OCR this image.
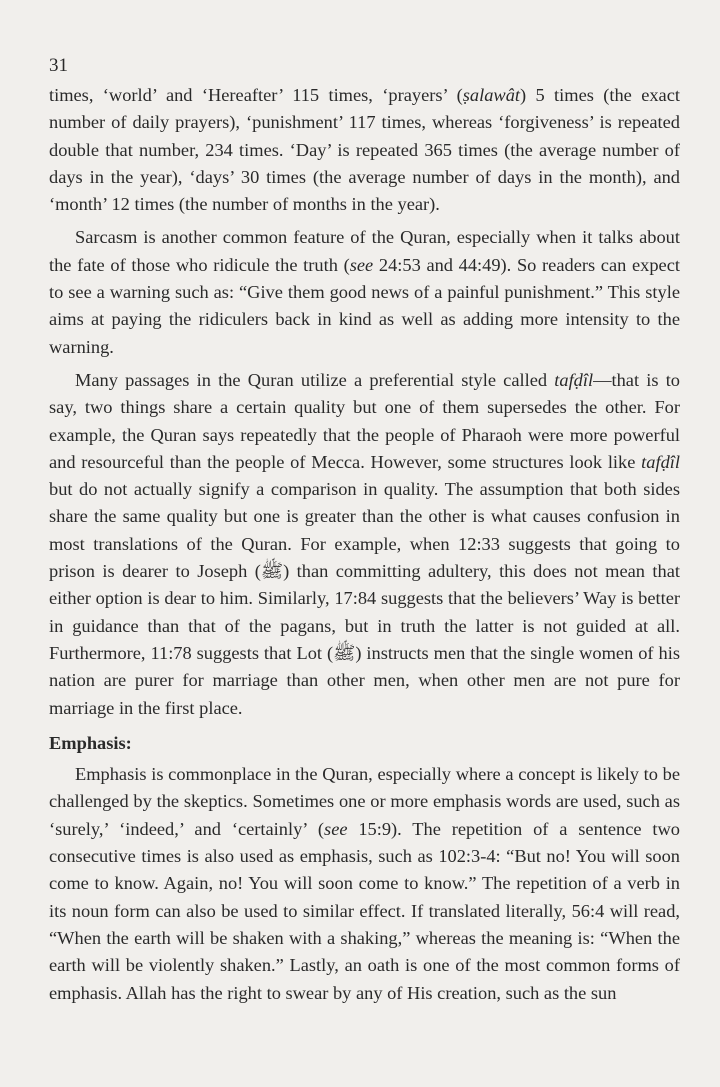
31

times, ‘world’ and ‘Hereafter’ 115 times, ‘prayers’ (ṣalawât) 5 times (the exact number of daily prayers), ‘punishment’ 117 times, whereas ‘forgiveness’ is repeated double that number, 234 times. ‘Day’ is repeated 365 times (the average number of days in the year), ‘days’ 30 times (the average number of days in the month), and ‘month’ 12 times (the number of months in the year).

Sarcasm is another common feature of the Quran, especially when it talks about the fate of those who ridicule the truth (see 24:53 and 44:49). So readers can expect to see a warning such as: “Give them good news of a painful punishment.” This style aims at paying the ridiculers back in kind as well as adding more intensity to the warning.

Many passages in the Quran utilize a preferential style called tafḍîl—that is to say, two things share a certain quality but one of them supersedes the other. For example, the Quran says repeatedly that the people of Pharaoh were more powerful and resourceful than the people of Mecca. However, some structures look like tafḍîl but do not actually signify a comparison in quality. The assumption that both sides share the same quality but one is greater than the other is what causes confusion in most translations of the Quran. For example, when 12:33 suggests that going to prison is dearer to Joseph (ﷺ) than committing adultery, this does not mean that either option is dear to him. Similarly, 17:84 suggests that the believers’ Way is better in guidance than that of the pagans, but in truth the latter is not guided at all. Furthermore, 11:78 suggests that Lot (ﷺ) instructs men that the single women of his nation are purer for marriage than other men, when other men are not pure for marriage in the first place.

Emphasis:

Emphasis is commonplace in the Quran, especially where a concept is likely to be challenged by the skeptics. Sometimes one or more emphasis words are used, such as ‘surely,’ ‘indeed,’ and ‘certainly’ (see 15:9). The repetition of a sentence two consecutive times is also used as emphasis, such as 102:3-4: “But no! You will soon come to know. Again, no! You will soon come to know.” The repetition of a verb in its noun form can also be used to similar effect. If translated literally, 56:4 will read, “When the earth will be shaken with a shaking,” whereas the meaning is: “When the earth will be violently shaken.” Lastly, an oath is one of the most common forms of emphasis. Allah has the right to swear by any of His creation, such as the sun
